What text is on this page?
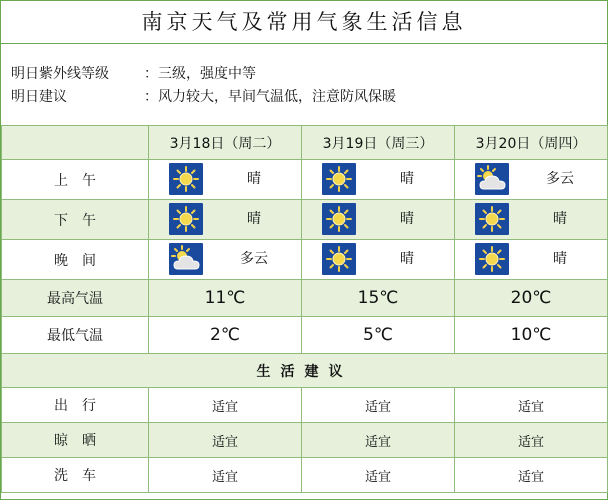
南京天气及常用气象生活信息
明日紫外线等级	：三级，强度中等
明日建议	：风力较大，早间气温低，注意防风保暖
	3月18日（周二）	3月19日（周三）	3月20日（周四）
上午	晴	晴	多云

下午	晴	晴	晴

晚间	多云	晴	晴

最高气温	11℃	15℃	20℃
最低气温	2℃	5℃	10℃
生活建议			
出行	适宜	适宜	适宜
晾晒	适宜	适宜	适宜
洗车	适宜	适宜	适宜
